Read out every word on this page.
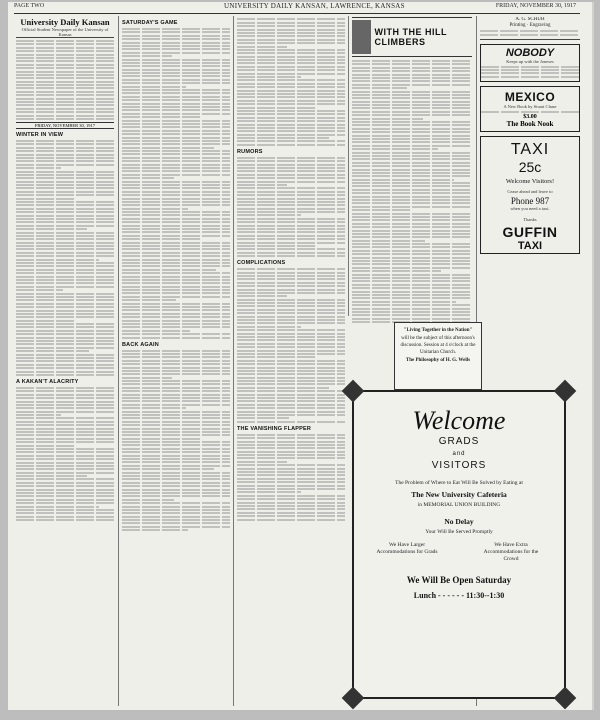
PAGE TWO	UNIVERSITY DAILY KANSAN, LAWRENCE, KANSAS	FRIDAY, NOVEMBER 30, 1917
University Daily Kansan
Official Student Newspaper of the University of Kansas
FRIDAY, NOVEMBER 30, 1917
WINTER IN VIEW
A KAKAN'T ALACRITY
SATURDAY'S GAME
BACK AGAIN
RUMORS
COMPLICATIONS
THE VANISHING FLAPPER
WITH THE HILL CLIMBERS
A. G. SCHUH
Printing · Engraving
NOBODY
Keeps up with the Joneses
MEXICO
A New Book by Stuart Chase
$3.00
The Book Nook
TAXI
25c
Welcome Visitors!
Cease ahead and leave to
Phone 987
when you need a taxi.
Thanks
GUFFIN
TAXI
Welcome
GRADS
and
VISITORS
The Problem of Where to Eat Will Be Solved by Eating at
The New University Cafeteria
in MEMORIAL UNION BUILDING
No Delay
Your Will Be Served Promptly
We Have Larger Accommodations for Grads
We Have Extra Accommodations for the Crowd
We Will Be Open Saturday
Lunch - - - - - - 11:30--1:30
"Living Together in the Nation"
will be the subject of this afternoon's discussion. Session at 4 o'clock at the Unitarian Church.
The Philosophy of H. G. Wells
